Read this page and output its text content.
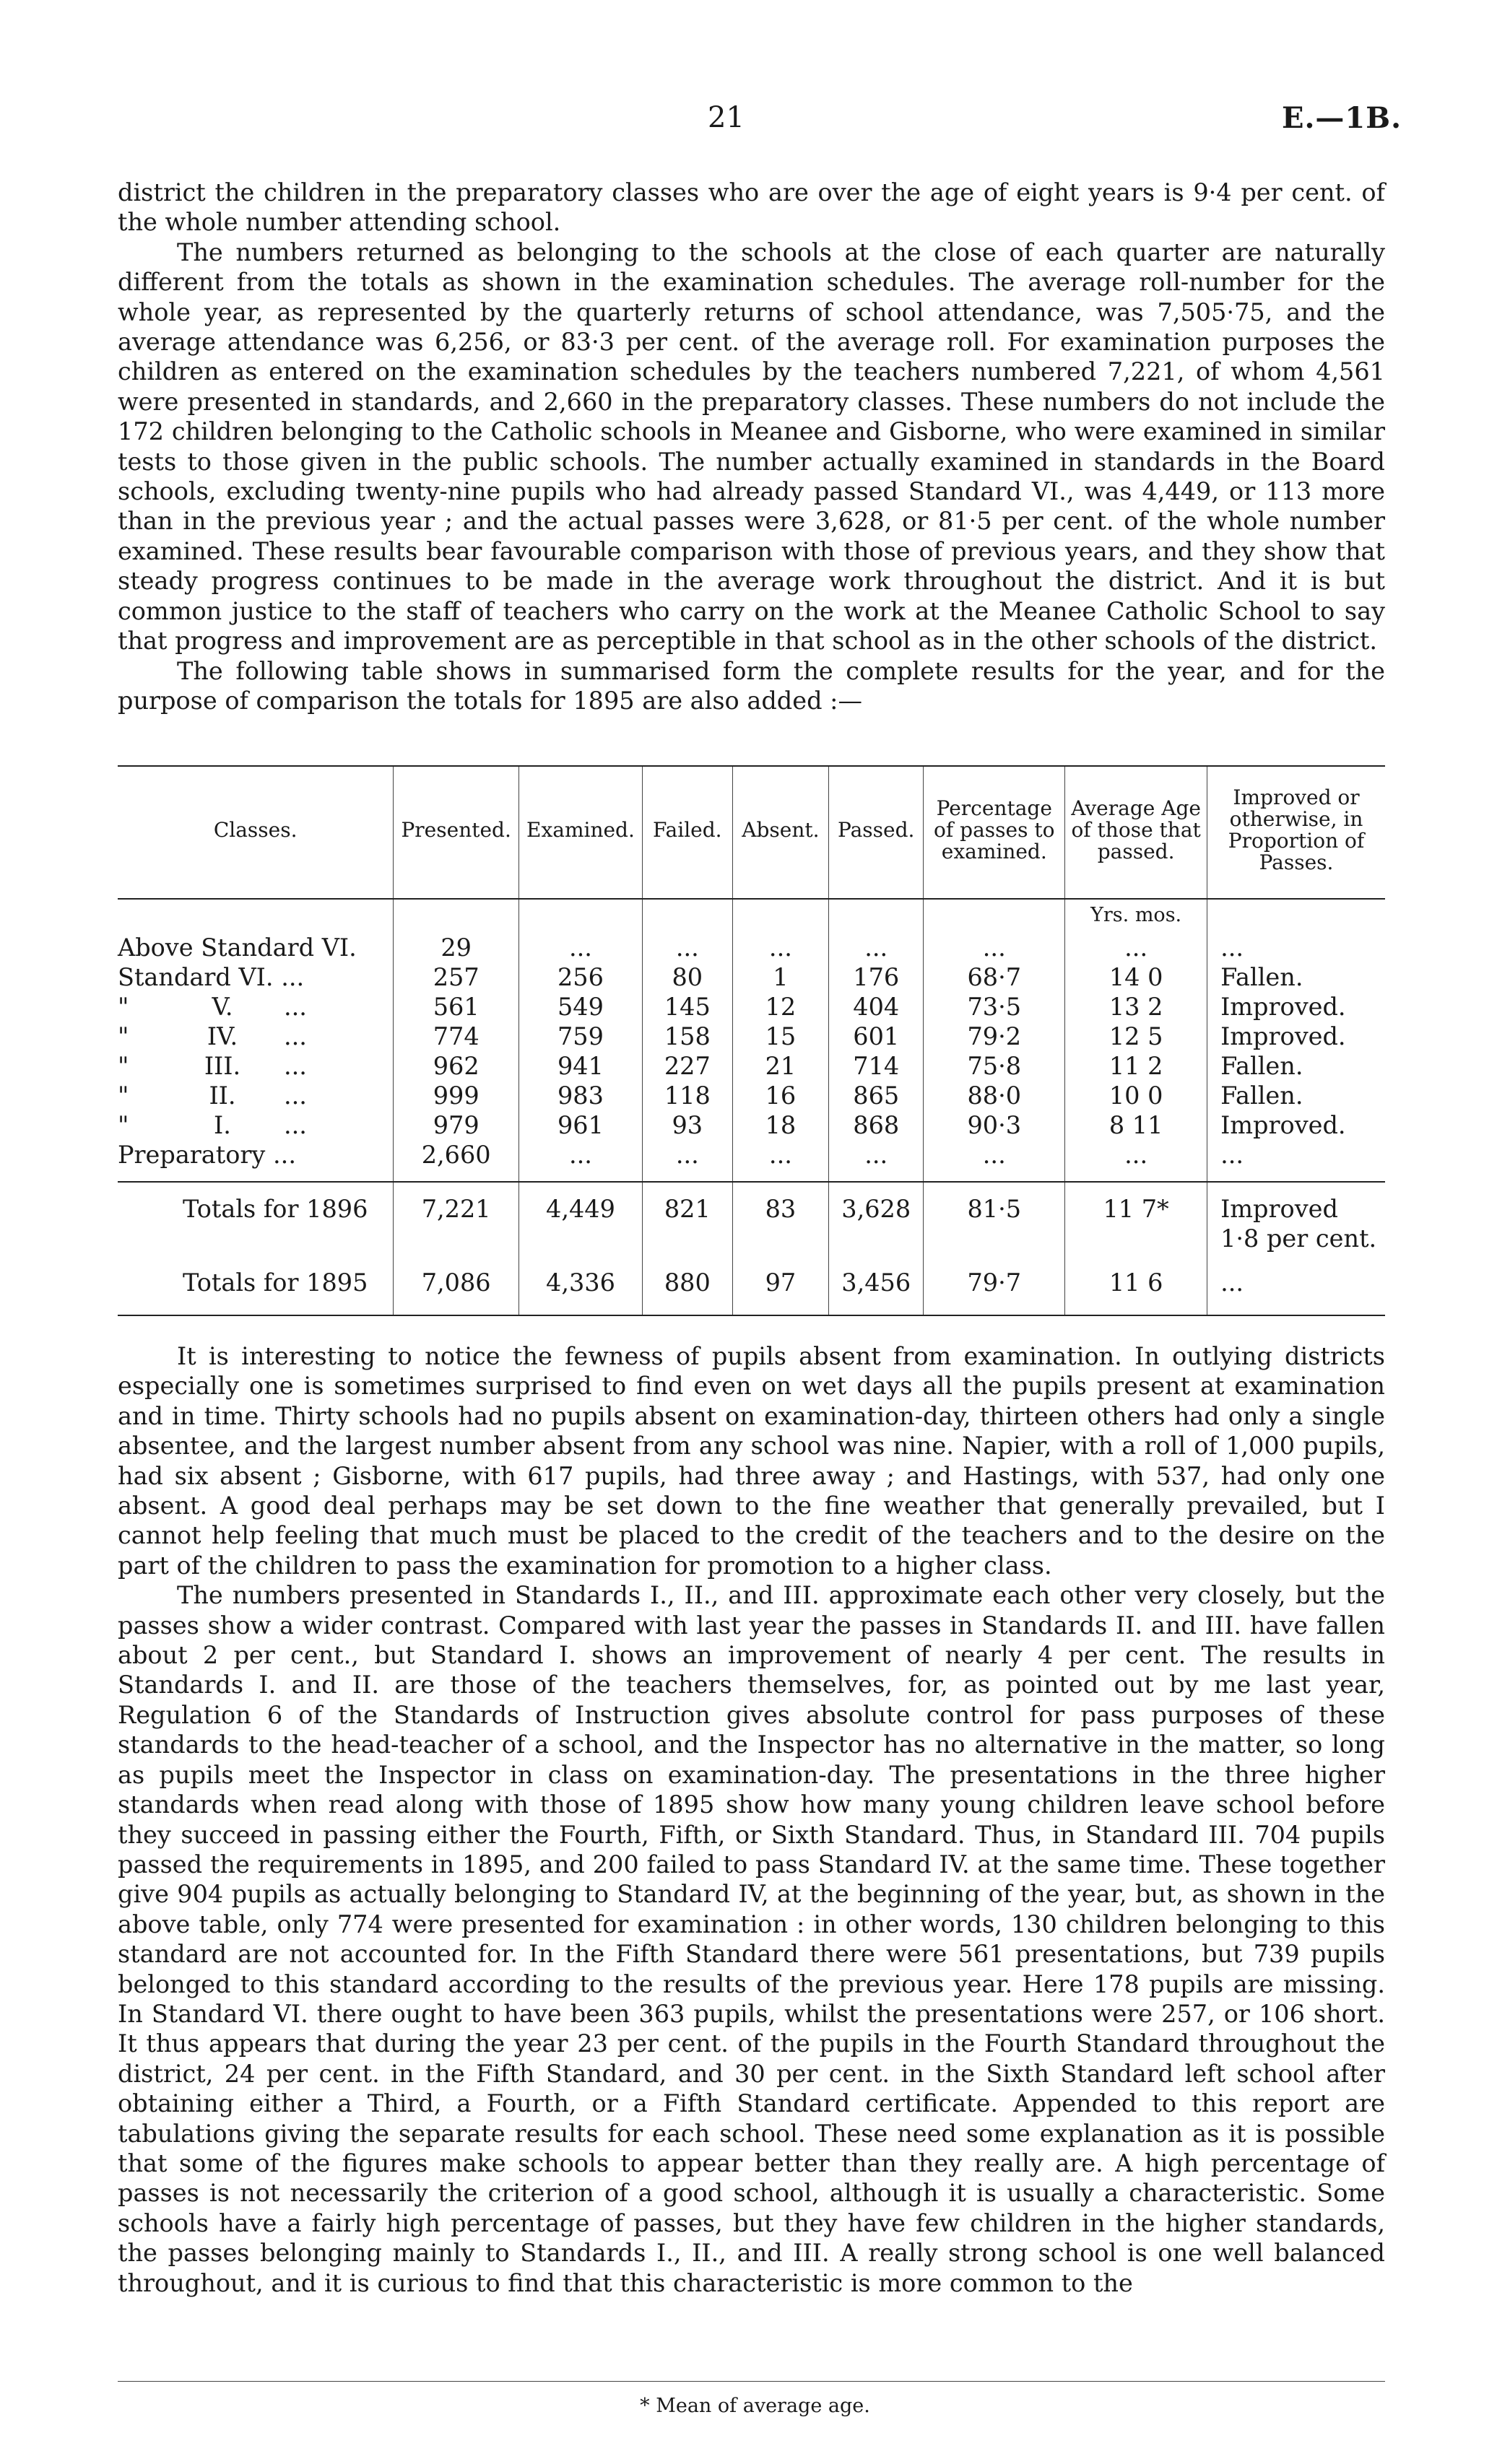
21	E.—1B.

district the children in the preparatory classes who are over the age of eight years is 9·4 per cent. of the whole number attending school.

The numbers returned as belonging to the schools at the close of each quarter are naturally different from the totals as shown in the examination schedules. The average roll-number for the whole year, as represented by the quarterly returns of school attendance, was 7,505·75, and the average attendance was 6,256, or 83·3 per cent. of the average roll. For examination purposes the children as entered on the examination schedules by the teachers numbered 7,221, of whom 4,561 were presented in standards, and 2,660 in the preparatory classes. These numbers do not include the 172 children belonging to the Catholic schools in Meanee and Gisborne, who were examined in similar tests to those given in the public schools. The number actually examined in standards in the Board schools, excluding twenty-nine pupils who had already passed Standard VI., was 4,449, or 113 more than in the previous year ; and the actual passes were 3,628, or 81·5 per cent. of the whole number examined. These results bear favourable comparison with those of previous years, and they show that steady progress continues to be made in the average work throughout the district. And it is but common justice to the staff of teachers who carry on the work at the Meanee Catholic School to say that progress and improvement are as perceptible in that school as in the other schools of the district.

The following table shows in summarised form the complete results for the year, and for the purpose of comparison the totals for 1895 are also added :—

Classes.	Presented.	Examined.	Failed.	Absent.	Passed.	Percentage of passes to examined.	Average Age of those that passed.	Improved or otherwise, in Proportion of Passes.
							Yrs. mos.	
Above Standard VI.	29	...	...	...	...	...	...	...
Standard VI. ...	257	256	80	1	176	68·7	14 0	Fallen.
" V. ...	561	549	145	12	404	73·5	13 2	Improved.
" IV. ...	774	759	158	15	601	79·2	12 5	Improved.
" III. ...	962	941	227	21	714	75·8	11 2	Fallen.
" II. ...	999	983	118	16	865	88·0	10 0	Fallen.
" I. ...	979	961	93	18	868	90·3	8 11	Improved.
Preparatory ...	2,660	...	...	...	...	...	...	...
Totals for 1896	7,221	4,449	821	83	3,628	81·5	11 7*	Improved 1·8 per cent.
Totals for 1895	7,086	4,336	880	97	3,456	79·7	11 6	...

It is interesting to notice the fewness of pupils absent from examination. In outlying districts especially one is sometimes surprised to find even on wet days all the pupils present at examination and in time. Thirty schools had no pupils absent on examination-day, thirteen others had only a single absentee, and the largest number absent from any school was nine. Napier, with a roll of 1,000 pupils, had six absent ; Gisborne, with 617 pupils, had three away ; and Hastings, with 537, had only one absent. A good deal perhaps may be set down to the fine weather that generally prevailed, but I cannot help feeling that much must be placed to the credit of the teachers and to the desire on the part of the children to pass the examination for promotion to a higher class.

The numbers presented in Standards I., II., and III. approximate each other very closely, but the passes show a wider contrast. Compared with last year the passes in Standards II. and III. have fallen about 2 per cent., but Standard I. shows an improvement of nearly 4 per cent. The results in Standards I. and II. are those of the teachers themselves, for, as pointed out by me last year, Regulation 6 of the Standards of Instruction gives absolute control for pass purposes of these standards to the head-teacher of a school, and the Inspector has no alternative in the matter, so long as pupils meet the Inspector in class on examination-day. The presentations in the three higher standards when read along with those of 1895 show how many young children leave school before they succeed in passing either the Fourth, Fifth, or Sixth Standard. Thus, in Standard III. 704 pupils passed the requirements in 1895, and 200 failed to pass Standard IV. at the same time. These together give 904 pupils as actually belonging to Standard IV, at the beginning of the year, but, as shown in the above table, only 774 were presented for examination : in other words, 130 children belonging to this standard are not accounted for. In the Fifth Standard there were 561 presentations, but 739 pupils belonged to this standard according to the results of the previous year. Here 178 pupils are missing. In Standard VI. there ought to have been 363 pupils, whilst the presentations were 257, or 106 short. It thus appears that during the year 23 per cent. of the pupils in the Fourth Standard throughout the district, 24 per cent. in the Fifth Standard, and 30 per cent. in the Sixth Standard left school after obtaining either a Third, a Fourth, or a Fifth Standard certificate. Appended to this report are tabulations giving the separate results for each school. These need some explanation as it is possible that some of the figures make schools to appear better than they really are. A high percentage of passes is not necessarily the criterion of a good school, although it is usually a characteristic. Some schools have a fairly high percentage of passes, but they have few children in the higher standards, the passes belonging mainly to Standards I., II., and III. A really strong school is one well balanced throughout, and it is curious to find that this characteristic is more common to the

* Mean of average age.
